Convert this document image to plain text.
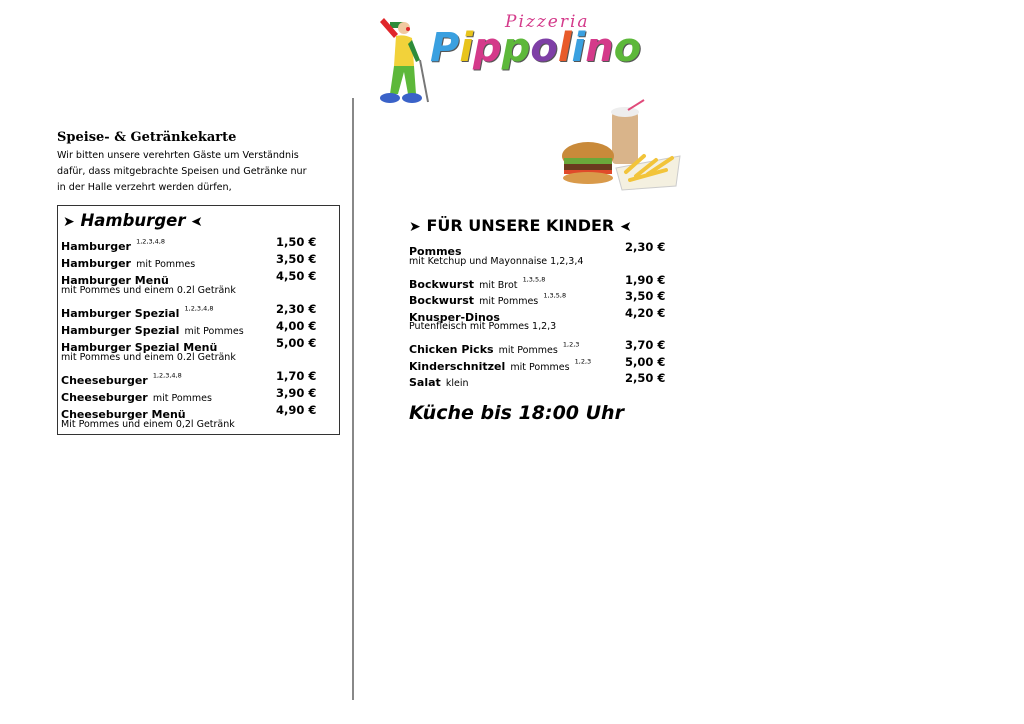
Pizzeria
Pippolino
Speise- & Getränkekarte
Wir bitten unsere verehrten Gäste um Verständnis
dafür, dass mitgebrachte Speisen und Getränke nur
in der Halle verzehrt werden dürfen,
➤ Hamburger ➤
Hamburger $^{1,2,3,4,8}$	1,50 €
Hamburger mit Pommes	3,50 €
Hamburger Menü	4,50 €
mit Pommes und einem 0.2l Getränk
Hamburger Spezial $^{1,2,3,4,8}$	2,30 €
Hamburger Spezial mit Pommes	4,00 €
Hamburger Spezial Menü	5,00 €
mit Pommes und einem 0.2l Getränk
Cheeseburger $^{1,2,3,4,8}$	1,70 €
Cheeseburger mit Pommes	3,90 €
Cheeseburger Menü	4,90 €
Mit Pommes und einem 0,2l Getränk
➤ FÜR UNSERE KINDER ➤
Pommes	2,30 €
mit Ketchup und Mayonnaise 1,2,3,4
Bockwurst mit Brot $^{1,3,5,8}$	1,90 €
Bockwurst mit Pommes $^{1,3,5,8}$	3,50 €
Knusper-Dinos	4,20 €
Putenfleisch mit Pommes 1,2,3
Chicken Picks mit Pommes $^{1,2,3}$	3,70 €
Kinderschnitzel mit Pommes $^{1,2,3}$	5,00 €
Salat klein	2,50 €
Küche bis 18:00 Uhr
